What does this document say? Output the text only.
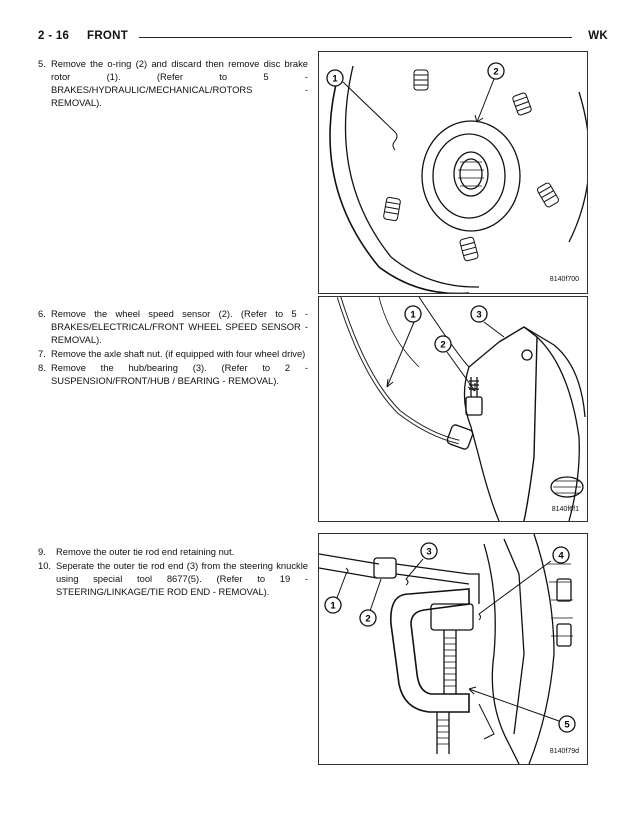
2 - 16 FRONT	WK
5. Remove the o-ring (2) and discard then remove disc brake rotor (1). (Refer to 5 - BRAKES/HYDRAULIC/MECHANICAL/ROTORS - REMOVAL).
1
2
8140f700
6. Remove the wheel speed sensor (2). (Refer to 5 - BRAKES/ELECTRICAL/FRONT WHEEL SPEED SENSOR - REMOVAL).
7. Remove the axle shaft nut. (if equipped with four wheel drive)
8. Remove the hub/bearing (3). (Refer to 2 - SUSPENSION/FRONT/HUB / BEARING - REMOVAL).
1	3
2
8140f6f1
9.	Remove the outer tie rod end retaining nut.
10. Seperate the outer tie rod end (3) from the steering knuckle using special tool 8677(5). (Refer to 19 - STEERING/LINKAGE/TIE ROD END - REMOVAL).
3	4
1
2
5
8140f79d
